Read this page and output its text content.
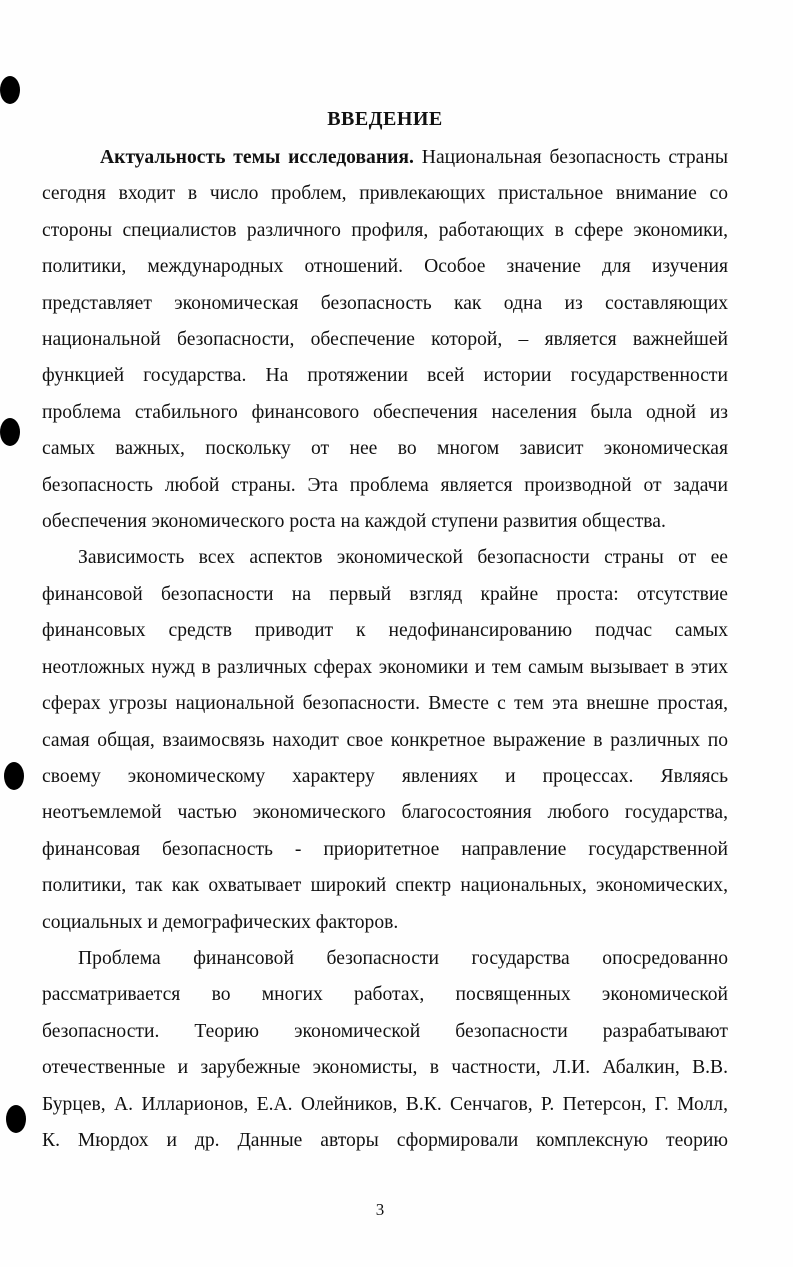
ВВЕДЕНИЕ
Актуальность темы исследования. Национальная безопасность страны
сегодня входит в число проблем, привлекающих пристальное внимание со
стороны специалистов различного профиля, работающих в сфере экономики,
политики, международных отношений. Особое значение для изучения
представляет экономическая безопасность как одна из составляющих
национальной безопасности, обеспечение которой, – является важнейшей
функцией государства. На протяжении всей истории государственности
проблема стабильного финансового обеспечения населения была одной из
самых важных, поскольку от нее во многом зависит экономическая
безопасность любой страны. Эта проблема является производной от задачи
обеспечения экономического роста на каждой ступени развития общества.
Зависимость всех аспектов экономической безопасности страны от ее
финансовой безопасности на первый взгляд крайне проста: отсутствие
финансовых средств приводит к недофинансированию подчас самых
неотложных нужд в различных сферах экономики и тем самым вызывает в этих
сферах угрозы национальной безопасности. Вместе с тем эта внешне простая,
самая общая, взаимосвязь находит свое конкретное выражение в различных по
своему экономическому характеру явлениях и процессах. Являясь
неотъемлемой частью экономического благосостояния любого государства,
финансовая безопасность - приоритетное направление государственной
политики, так как охватывает широкий спектр национальных, экономических,
социальных и демографических факторов.
Проблема финансовой безопасности государства опосредованно
рассматривается во многих работах, посвященных экономической
безопасности. Теорию экономической безопасности разрабатывают
отечественные и зарубежные экономисты, в частности, Л.И. Абалкин, В.В.
Бурцев, А. Илларионов, Е.А. Олейников, В.К. Сенчагов, Р. Петерсон, Г. Молл,
К. Мюрдох и др. Данные авторы сформировали комплексную теорию
3
